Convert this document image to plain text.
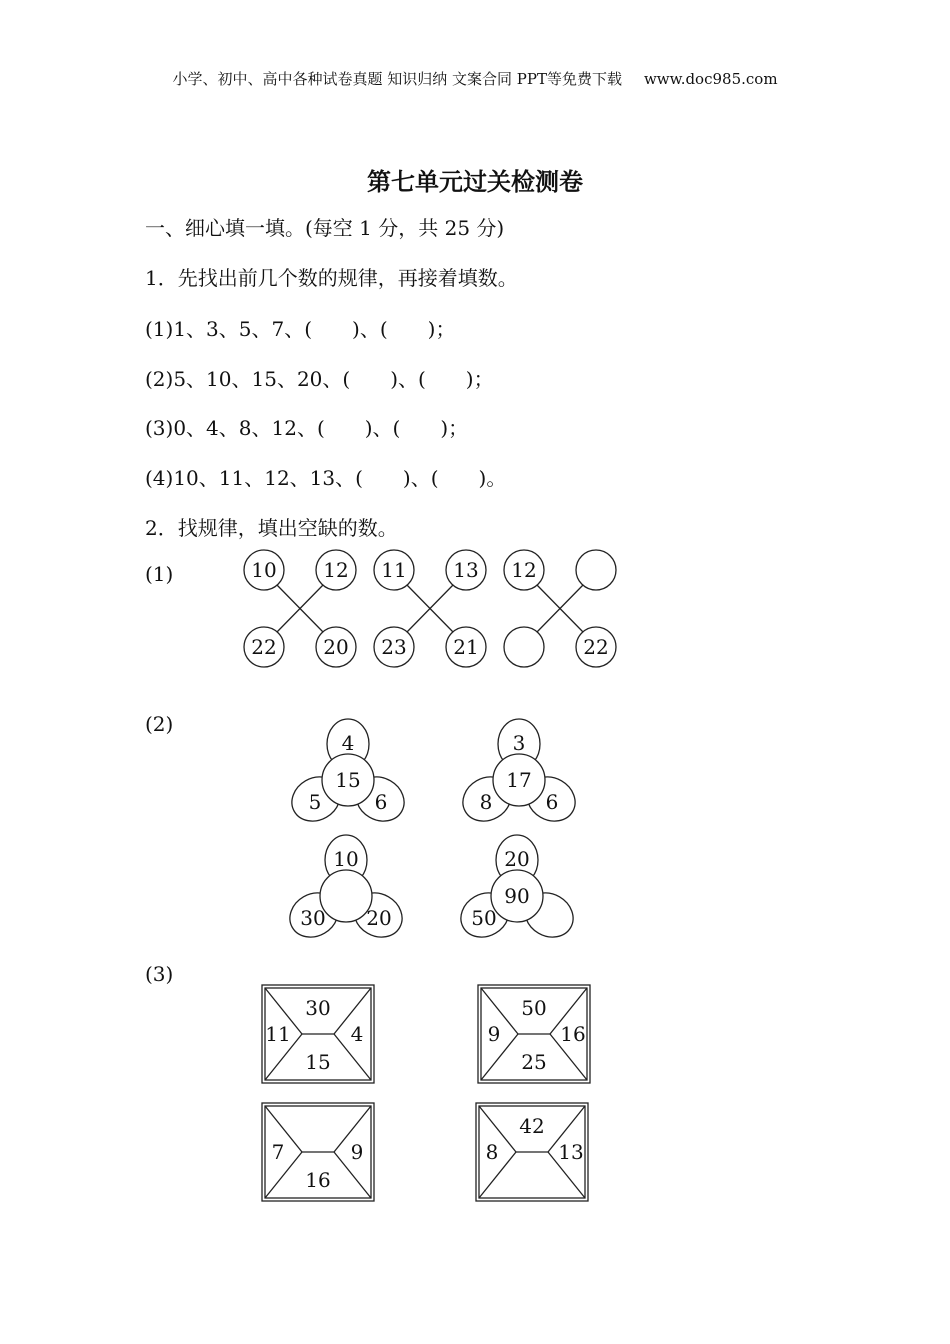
小学、初中、高中各种试卷真题 知识归纳 文案合同 PPT等免费下载 www.doc985.com
第七单元过关检测卷
一、细心填一填。(每空 1 分，共 25 分)
1．先找出前几个数的规律，再接着填数。
(1)1、3、5、7、(　　)、(　　)；
(2)5、10、15、20、(　　)、(　　)；
(3)0、4、8、12、(　　)、(　　)；
(4)10、11、12、13、(　　)、(　　)。
2．找规律，填出空缺的数。
(1)
(2)
(3)
10 12
22 20
11 13
23 21
12
22
4
15
5	6
3
17
8	6
10
30 20
20
90
50
30
11	4
15
50
9	16
25
7	9
16
42
8	13
